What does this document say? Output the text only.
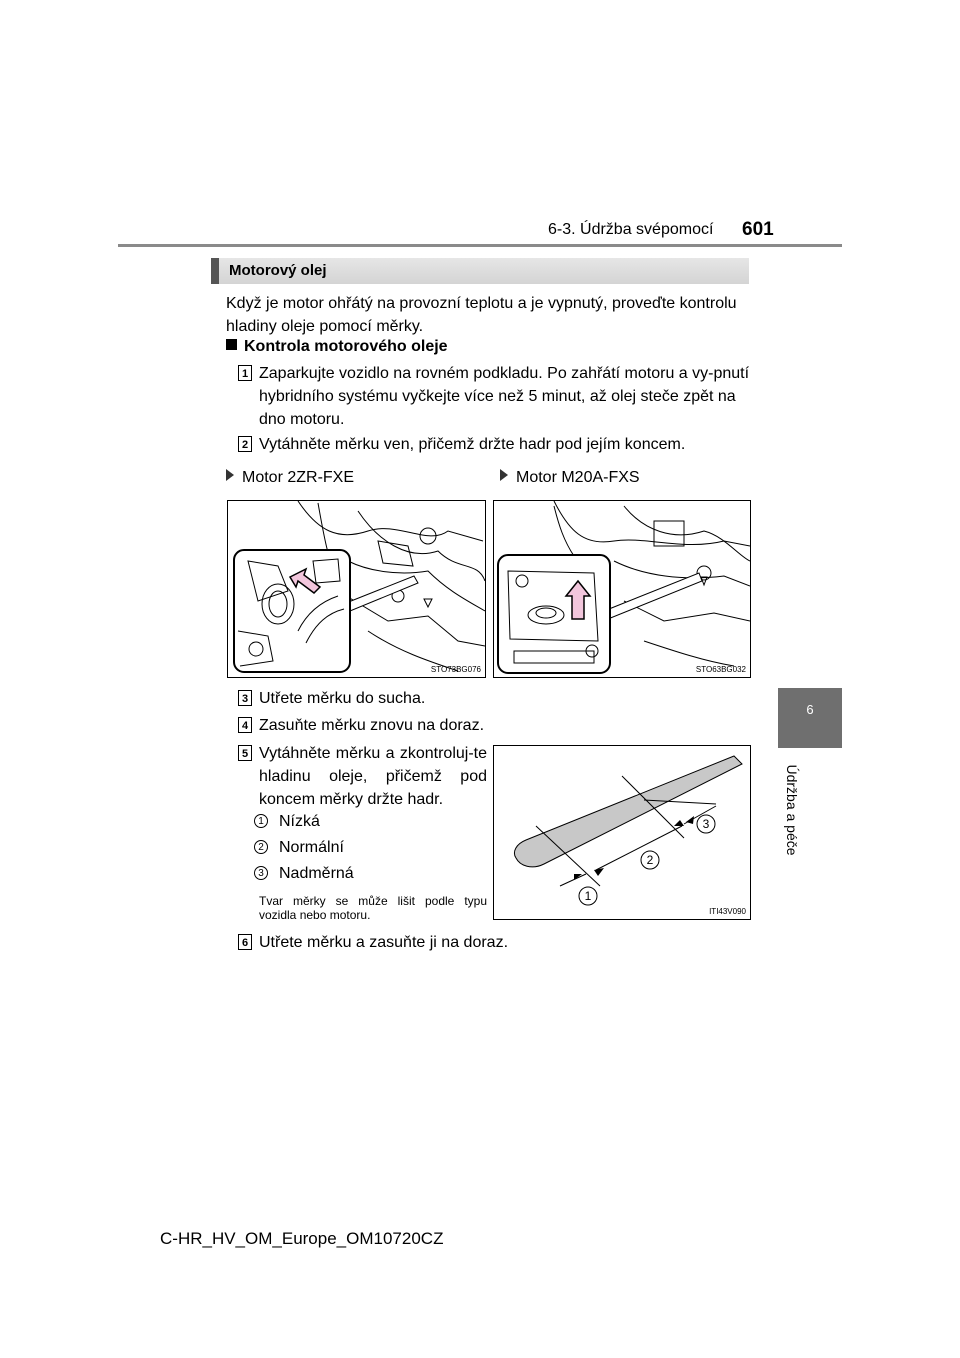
6-3. Údržba svépomocí 601
6
Údržba a péče
Motorový olej
Když je motor ohřátý na provozní teplotu a je vypnutý, proveďte kontrolu hladiny oleje pomocí měrky.
Kontrola motorového oleje
1 Zaparkujte vozidlo na rovném podkladu. Po zahřátí motoru a vy-pnutí hybridního systému vyčkejte více než 5 minut, až olej steče zpět na dno motoru.
2 Vytáhněte měrku ven, přičemž držte hadr pod jejím koncem.
Motor 2ZR-FXE	Motor M20A-FXS
STO73BG076	STO63BG032
3 Utřete měrku do sucha.
4 Zasuňte měrku znovu na doraz.
5 Vytáhněte měrku a zkontroluj-te hladinu oleje, přičemž pod koncem měrky držte hadr.
1 Nízká
2 Normální
3 Nadměrná
Tvar měrky se může lišit podle typu vozidla nebo motoru.
1
2
3
ITI43V090
6 Utřete měrku a zasuňte ji na doraz.
C-HR_HV_OM_Europe_OM10720CZ
